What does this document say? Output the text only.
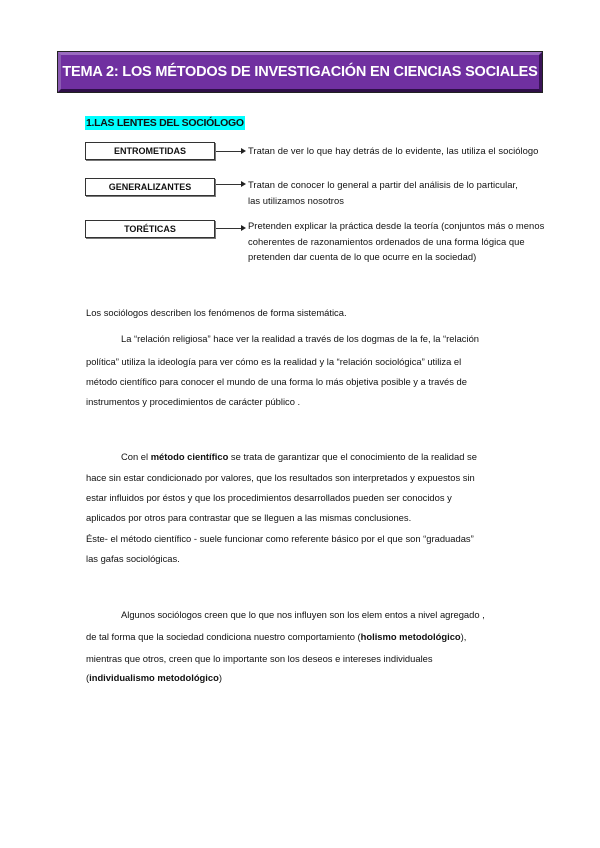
TEMA 2: LOS MÉTODOS DE INVESTIGACIÓN EN CIENCIAS SOCIALES
1.LAS LENTES DEL SOCIÓLOGO
ENTROMETIDAS	Tratan de ver lo que hay detrás de lo evidente, las utiliza el sociólogo
GENERALIZANTES	Tratan de conocer lo general a partir del análisis de lo particular,
las utilizamos nosotros
TORÉTICAS	Pretenden explicar la práctica desde la teoría (conjuntos más o menos
coherentes de razonamientos ordenados de una forma lógica que
pretenden dar cuenta de lo que ocurre en la sociedad)
Los sociólogos describen los fenómenos de forma sistemática.
La “relación religiosa” hace ver la realidad a través de los dogmas de la fe, la “relación
política” utiliza la ideología para ver cómo es la realidad y la “relación sociológica” utiliza el
método científico para conocer el mundo de una forma lo más objetiva posible y a través de
instrumentos y procedimientos de carácter público .
Con el método científico se trata de garantizar que el conocimiento de la realidad se
hace sin estar condicionado por valores, que los resultados son interpretados y expuestos sin
estar influidos por éstos y que los procedimientos desarrollados pueden ser conocidos y
aplicados por otros para contrastar que se lleguen a las mismas conclusiones.
Éste- el método científico - suele funcionar como referente básico por el que son “graduadas”
las gafas sociológicas.
Algunos sociólogos creen que lo que nos influyen son los elem entos a nivel agregado ,
de tal forma que la sociedad condiciona nuestro comportamiento (holismo metodológico),
mientras que otros, creen que lo importante son los deseos e intereses individuales
(individualismo metodológico)
